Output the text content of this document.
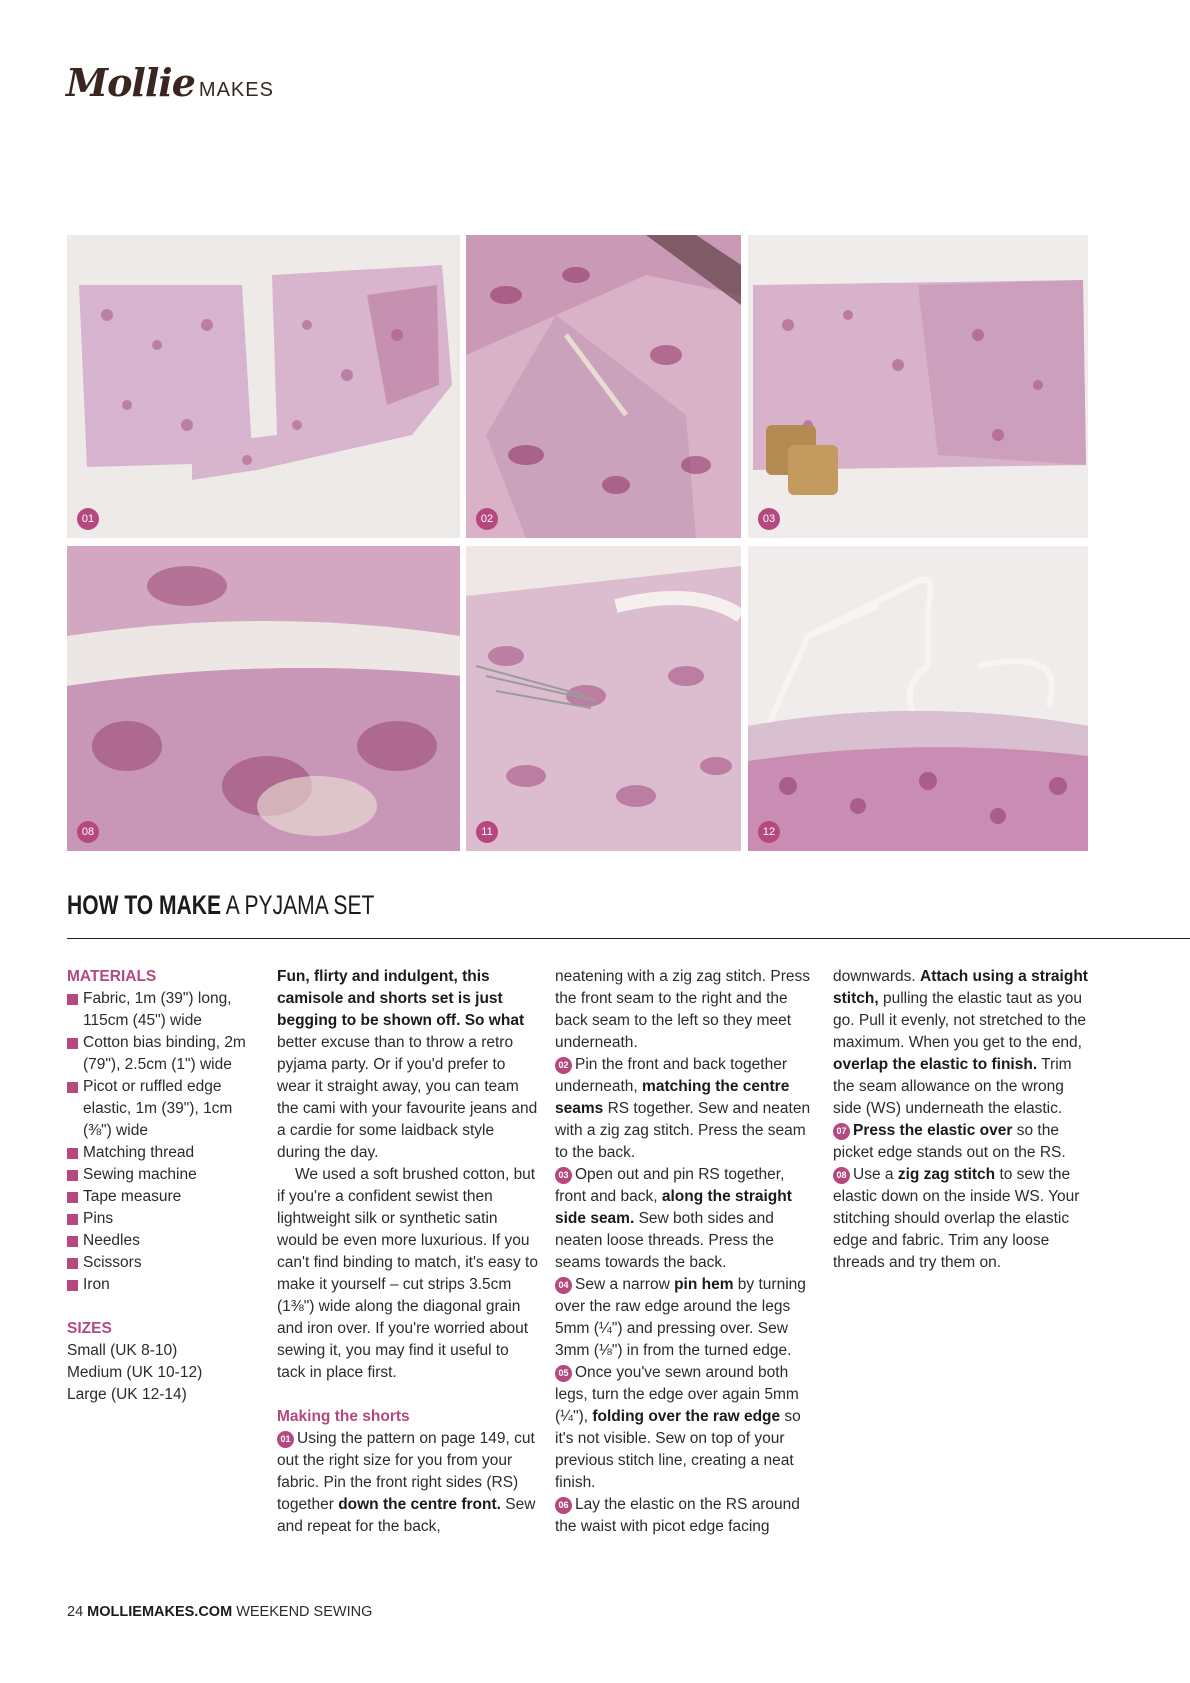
Mollie MAKES
01	02	03
08	11	12
HOW TO MAKE A PYJAMA SET

MATERIALS

Fabric, 1m (39") long, 115cm (45") wide

Cotton bias binding, 2m (79"), 2.5cm (1") wide

Picot or ruffled edge elastic, 1m (39"), 1cm (⅜") wide

Matching thread

Sewing machine

Tape measure

Pins

Needles

Scissors

Iron

SIZES

Small (UK 8-10)

Medium (UK 10-12)

Large (UK 12-14)

Fun, flirty and indulgent, this camisole and shorts set is just begging to be shown off. So what better excuse than to throw a retro pyjama party. Or if you'd prefer to wear it straight away, you can team the cami with your favourite jeans and a cardie for some laidback style during the day.

We used a soft brushed cotton, but if you're a confident sewist then lightweight silk or synthetic satin would be even more luxurious. If you can't find binding to match, it's easy to make it yourself – cut strips 3.5cm (1⅜") wide along the diagonal grain and iron over. If you're worried about sewing it, you may find it useful to tack in place first.

Making the shorts

01 Using the pattern on page 149, cut out the right size for you from your fabric. Pin the front right sides (RS) together down the centre front. Sew and repeat for the back,

neatening with a zig zag stitch. Press the front seam to the right and the back seam to the left so they meet underneath.

02 Pin the front and back together underneath, matching the centre seams RS together. Sew and neaten with a zig zag stitch. Press the seam to the back.

03 Open out and pin RS together, front and back, along the straight side seam. Sew both sides and neaten loose threads. Press the seams towards the back.

04 Sew a narrow pin hem by turning over the raw edge around the legs 5mm (¼") and pressing over. Sew 3mm (⅛") in from the turned edge.

05 Once you've sewn around both legs, turn the edge over again 5mm (¼"), folding over the raw edge so it's not visible. Sew on top of your previous stitch line, creating a neat finish.

06 Lay the elastic on the RS around the waist with picot edge facing

downwards. Attach using a straight stitch, pulling the elastic taut as you go. Pull it evenly, not stretched to the maximum. When you get to the end, overlap the elastic to finish. Trim the seam allowance on the wrong side (WS) underneath the elastic.

07 Press the elastic over so the picket edge stands out on the RS.

08 Use a zig zag stitch to sew the elastic down on the inside WS. Your stitching should overlap the elastic edge and fabric. Trim any loose threads and try them on.

24 MOLLIEMAKES.COM WEEKEND SEWING
